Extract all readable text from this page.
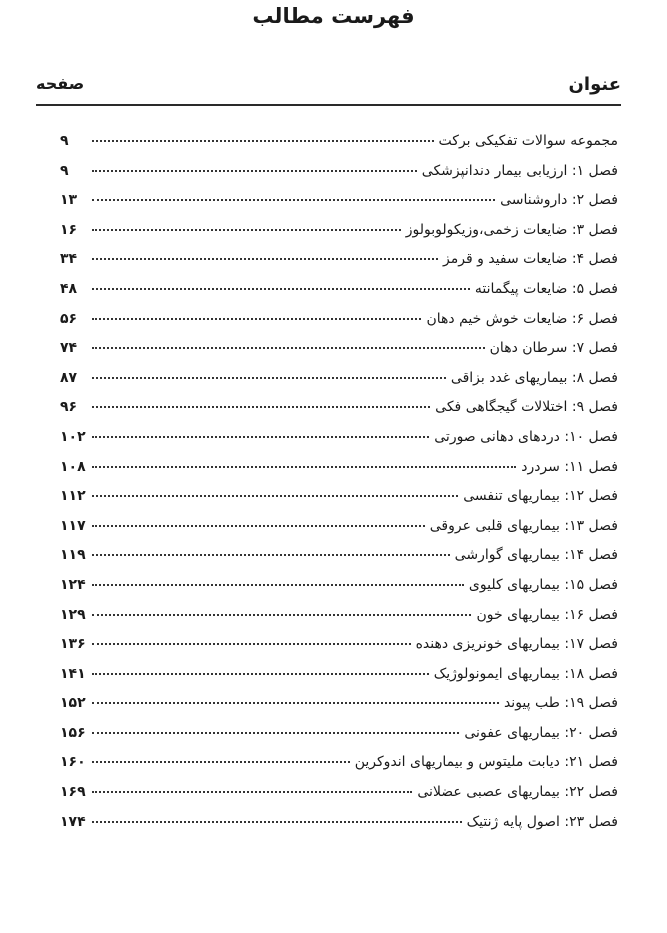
فهرست مطالب
عنوان
صفحه
مجموعه سوالات تفکیکی برکت
۹
فصل ۱: ارزیابی بیمار دندانپزشکی
۹
فصل ۲: داروشناسی
۱۳
فصل ۳: ضایعات زخمی،وزیکولوبولوز
۱۶
فصل ۴: ضایعات سفید و قرمز
۳۴
فصل ۵: ضایعات پیگمانته
۴۸
فصل ۶: ضایعات خوش خیم دهان
۵۶
فصل ۷: سرطان دهان
۷۴
فصل ۸: بیماریهای غدد بزاقی
۸۷
فصل ۹: اختلالات گیجگاهی فکی
۹۶
فصل ۱۰: دردهای دهانی صورتی
۱۰۲
فصل ۱۱: سردرد
۱۰۸
فصل ۱۲: بیماریهای تنفسی
۱۱۲
فصل ۱۳: بیماریهای قلبی عروقی
۱۱۷
فصل ۱۴: بیماریهای گوارشی
۱۱۹
فصل ۱۵: بیماریهای کلیوی
۱۲۴
فصل ۱۶: بیماریهای خون
۱۲۹
فصل ۱۷: بیماریهای خونریزی دهنده
۱۳۶
فصل ۱۸: بیماریهای ایمونولوژیک
۱۴۱
فصل ۱۹: طب پیوند
۱۵۲
فصل ۲۰: بیماریهای عفونی
۱۵۶
فصل ۲۱: دیابت ملیتوس و بیماریهای اندوکرین
۱۶۰
فصل ۲۲: بیماریهای عصبی عضلانی
۱۶۹
فصل ۲۳: اصول پایه ژنتیک
۱۷۴
